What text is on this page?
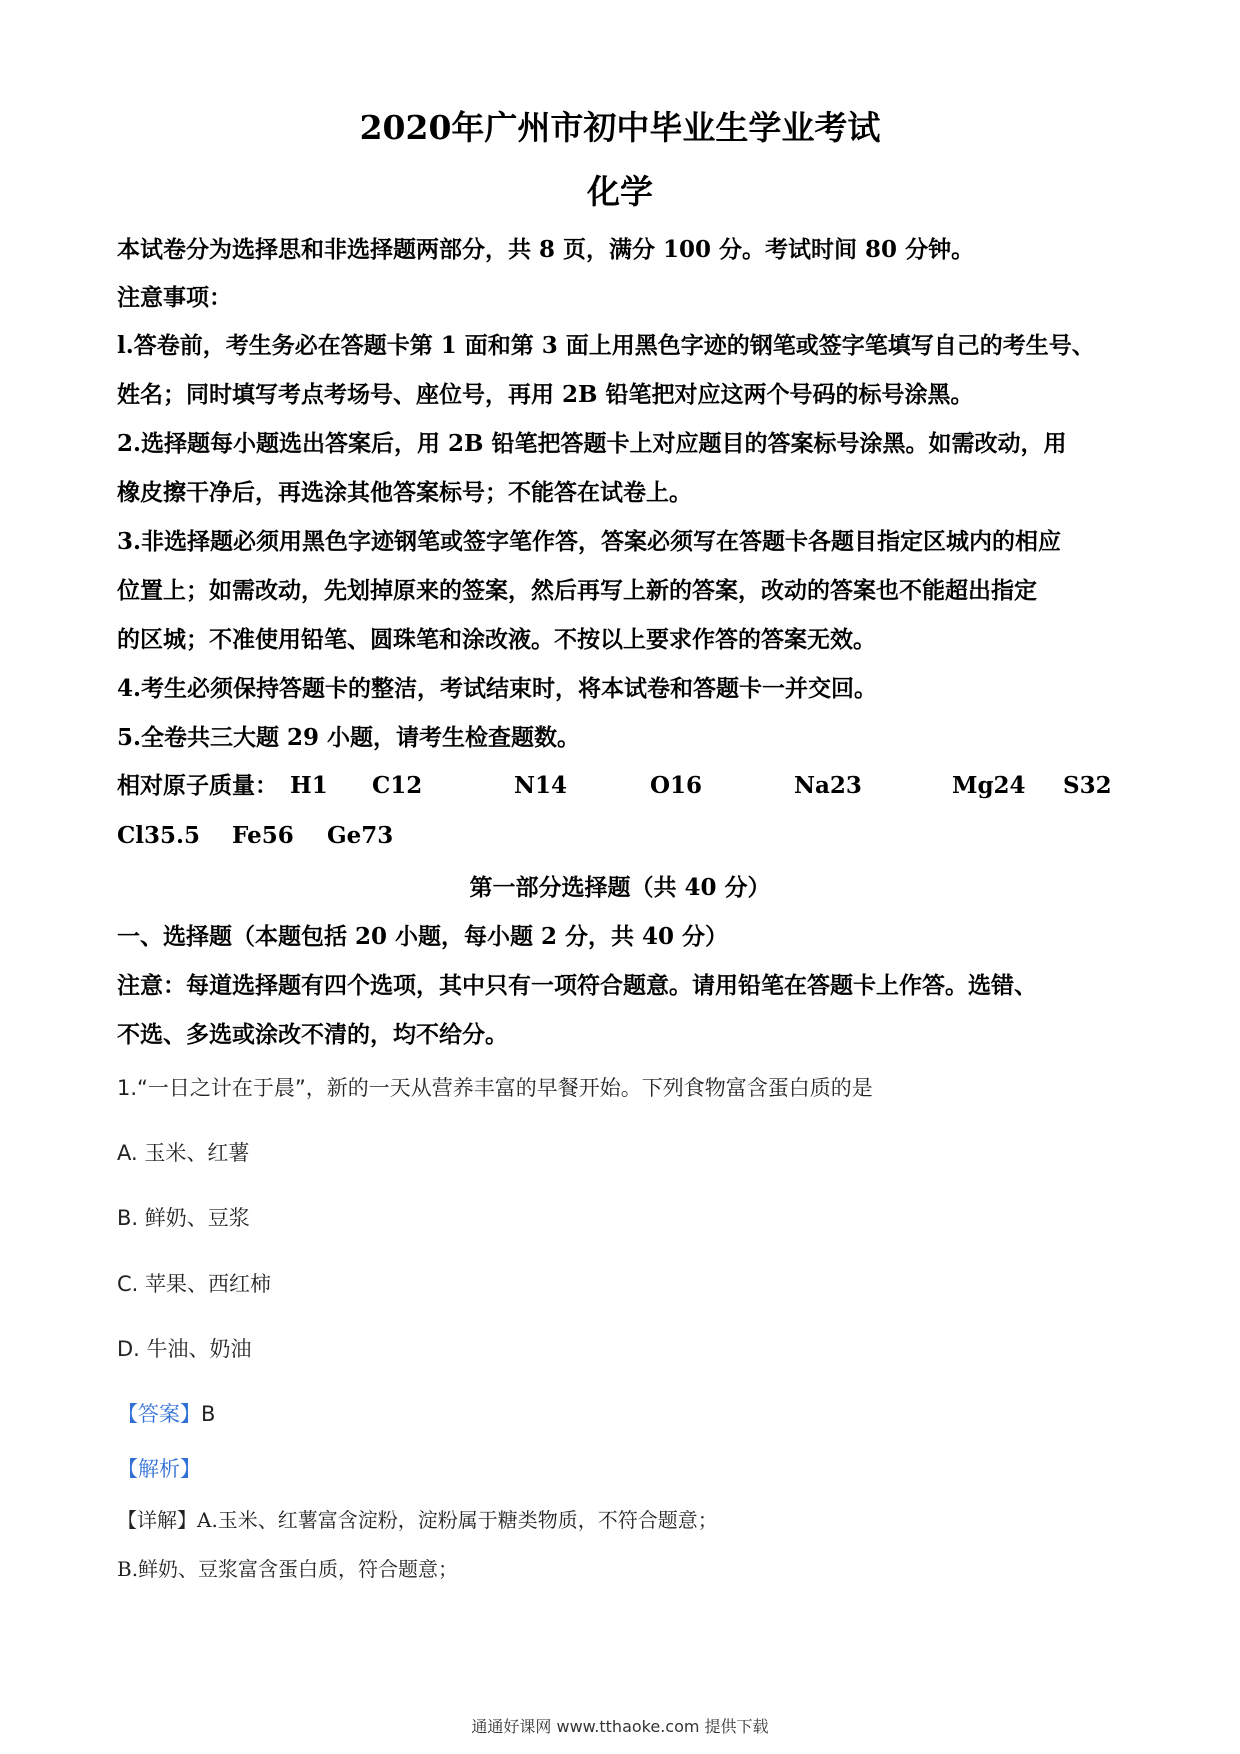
2020年广州市初中毕业生学业考试
化学
本试卷分为选择思和非选择题两部分，共 8 页，满分 100 分。考试时间 80 分钟。
注意事项：
l.答卷前，考生务必在答题卡第 1 面和第 3 面上用黑色字迹的钢笔或签字笔填写自己的考生号、
姓名；同时填写考点考场号、座位号，再用 2B 铅笔把对应这两个号码的标号涂黑。
2.选择题每小题选出答案后，用 2B 铅笔把答题卡上对应题目的答案标号涂黑。如需改动，用
橡皮擦干净后，再选涂其他答案标号；不能答在试卷上。
3.非选择题必须用黑色字迹钢笔或签字笔作答，答案必须写在答题卡各题目指定区城内的相应
位置上；如需改动，先划掉原来的签案，然后再写上新的答案，改动的答案也不能超出指定
的区城；不准使用铅笔、圆珠笔和涂改液。不按以上要求作答的答案无效。
4.考生必须保持答题卡的整洁，考试结束时，将本试卷和答题卡一并交回。
5.全卷共三大题 29 小题，请考生检查题数。
相对原子质量： H1 C12	N14	O16	Na23	Mg24 S32
Cl35.5 Fe56 Ge73
第一部分选择题（共 40 分）
一、选择题（本题包括 20 小题，每小题 2 分，共 40 分）
注意：每道选择题有四个选项，其中只有一项符合题意。请用铅笔在答题卡上作答。选错、
不选、多选或涂改不清的，均不给分。
1.“一日之计在于晨”，新的一天从营养丰富的早餐开始。下列食物富含蛋白质的是
A. 玉米、红薯
B. 鲜奶、豆浆
C. 苹果、西红柿
D. 牛油、奶油
【答案】B
【解析】
【详解】A.玉米、红薯富含淀粉，淀粉属于糖类物质，不符合题意；
B.鲜奶、豆浆富含蛋白质，符合题意；
通通好课网 www.tthaoke.com 提供下载
